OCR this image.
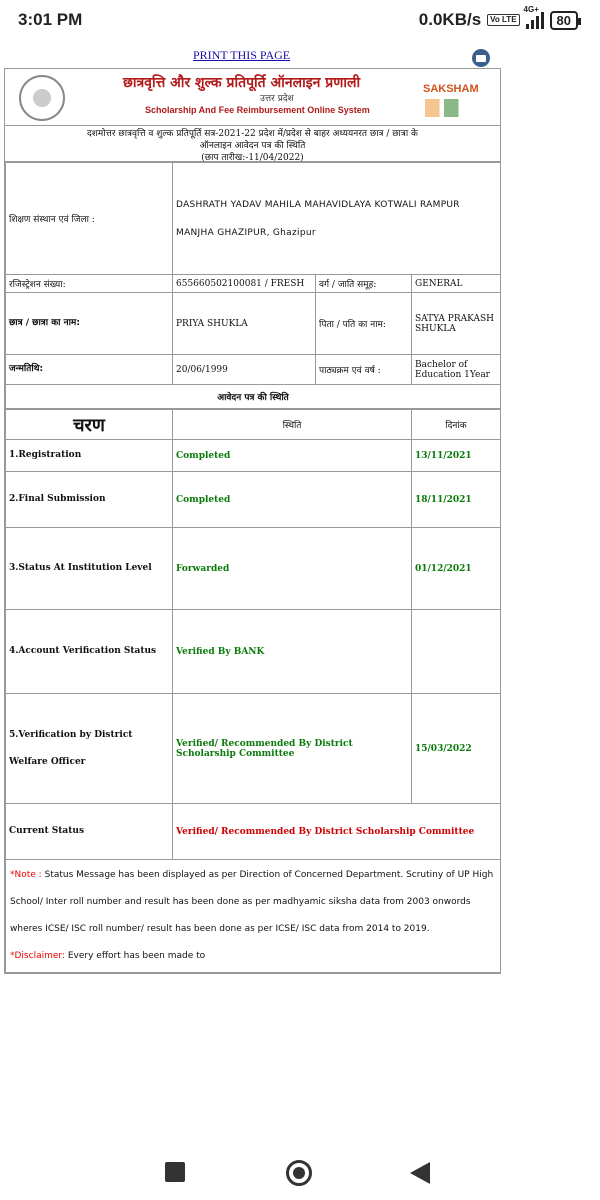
3:01 PM	0.0KB/s	Vo LTE
4G+
80
PRINT THIS PAGE
छात्रवृत्ति और शुल्क प्रतिपूर्ति ऑनलाइन प्रणाली
उत्तर प्रदेश
Scholarship And Fee Reimbursement Online System
SAKSHAM
दशमोत्तर छात्रवृत्ति व शुल्क प्रतिपूर्ति सत्र-2021-22 प्रदेश में/प्रदेश से बाहर अध्ययनरत छात्र / छात्रा के
ऑनलाइन आवेदन पत्र की स्थिति
(छाप तारीख:-11/04/2022)
शिक्षण संस्थान एवं जिला :	DASHRATH YADAV MAHILA MAHAVIDLAYA KOTWALI RAMPUR MANJHA GHAZIPUR, Ghazipur		
रजिस्ट्रेशन संख्या:	655660502100081 / FRESH	वर्ग / जाति समूह:	GENERAL
छात्र / छात्रा का नाम:	PRIYA SHUKLA	पिता / पति का नाम:	SATYA PRAKASH SHUKLA
जन्मतिथि:	20/06/1999	पाठ्यक्रम एवं वर्ष :	Bachelor of Education 1Year
आवेदन पत्र की स्थिति			
चरण	स्थिति	दिनांक
1.Registration	Completed	13/11/2021
2.Final Submission	Completed	18/11/2021
3.Status At Institution Level	Forwarded	01/12/2021
4.Account Verification Status	Verified By BANK	
5.Verification by District Welfare Officer	Verified/ Recommended By District Scholarship Committee	15/03/2022
Current Status	Verified/ Recommended By District Scholarship Committee	
*Note : Status Message has been displayed as per Direction of Concerned Department. Scrutiny of UP High School/ Inter roll number and result has been done as per madhyamic siksha data from 2003 onwords wheres ICSE/ ISC roll number/ result has been done as per ICSE/ ISC data from 2014 to 2019.
*Disclaimer: Every effort has been made to		
